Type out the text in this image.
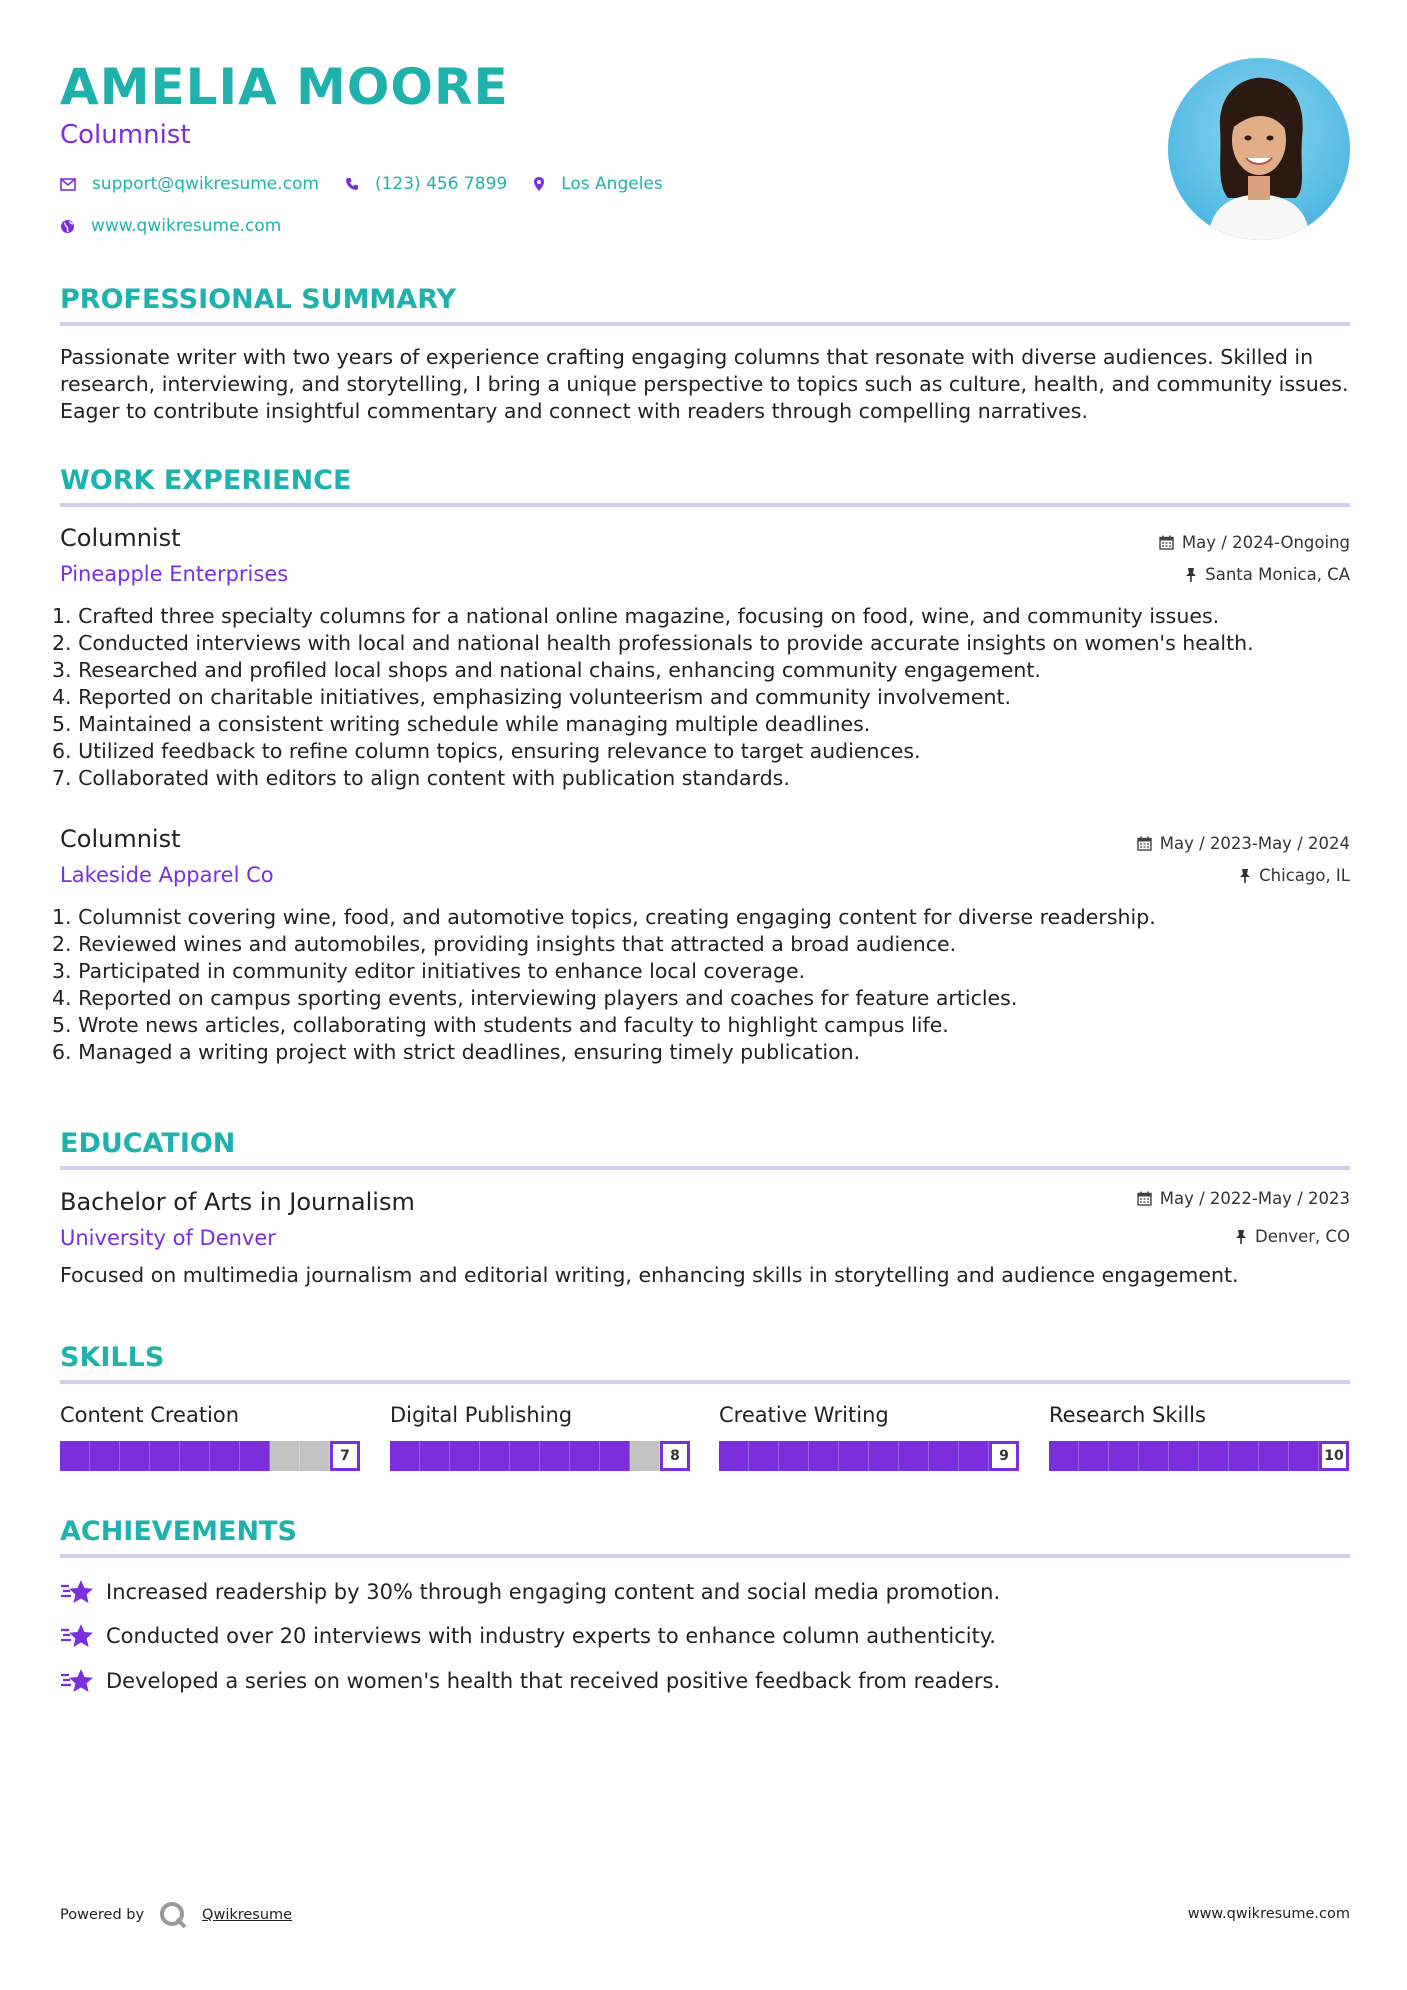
AMELIA MOORE
Columnist
support@qwikresume.com	(123) 456 7899	Los Angeles
www.qwikresume.com
PROFESSIONAL SUMMARY
Passionate writer with two years of experience crafting engaging columns that resonate with diverse audiences. Skilled in research, interviewing, and storytelling, I bring a unique perspective to topics such as culture, health, and community issues. Eager to contribute insightful commentary and connect with readers through compelling narratives.
WORK EXPERIENCE
Columnist
Pineapple Enterprises
May / 2024-Ongoing
Santa Monica, CA
1. Crafted three specialty columns for a national online magazine, focusing on food, wine, and community issues.
2. Conducted interviews with local and national health professionals to provide accurate insights on women's health.
3. Researched and profiled local shops and national chains, enhancing community engagement.
4. Reported on charitable initiatives, emphasizing volunteerism and community involvement.
5. Maintained a consistent writing schedule while managing multiple deadlines.
6. Utilized feedback to refine column topics, ensuring relevance to target audiences.
7. Collaborated with editors to align content with publication standards.
Columnist
Lakeside Apparel Co
May / 2023-May / 2024
Chicago, IL
1. Columnist covering wine, food, and automotive topics, creating engaging content for diverse readership.
2. Reviewed wines and automobiles, providing insights that attracted a broad audience.
3. Participated in community editor initiatives to enhance local coverage.
4. Reported on campus sporting events, interviewing players and coaches for feature articles.
5. Wrote news articles, collaborating with students and faculty to highlight campus life.
6. Managed a writing project with strict deadlines, ensuring timely publication.
EDUCATION
Bachelor of Arts in Journalism
University of Denver
May / 2022-May / 2023
Denver, CO
Focused on multimedia journalism and editorial writing, enhancing skills in storytelling and audience engagement.
SKILLS
Content Creation
7
Digital Publishing
8
Creative Writing
9
Research Skills
10
ACHIEVEMENTS
Increased readership by 30% through engaging content and social media promotion.
Conducted over 20 interviews with industry experts to enhance column authenticity.
Developed a series on women's health that received positive feedback from readers.
Powered by	Qwikresume	www.qwikresume.com
